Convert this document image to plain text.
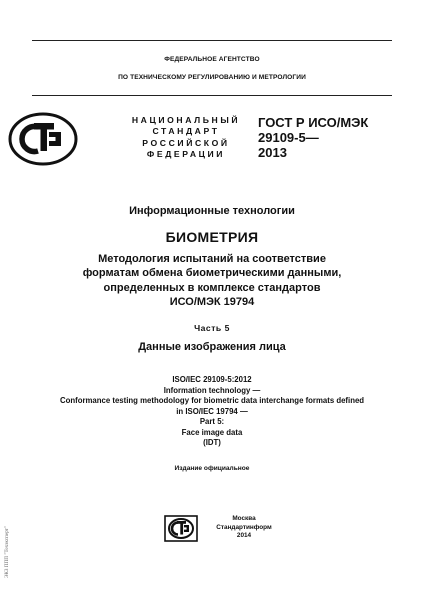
ФЕДЕРАЛЬНОЕ АГЕНТСТВО
ПО ТЕХНИЧЕСКОМУ РЕГУЛИРОВАНИЮ И МЕТРОЛОГИИ
НАЦИОНАЛЬНЫЙ
СТАНДАРТ
РОССИЙСКОЙ
ФЕДЕРАЦИИ
ГОСТ Р ИСО/МЭК
29109-5—
2013
Информационные технологии
БИОМЕТРИЯ
Методология испытаний на соответствие
форматам обмена биометрическими данными,
определенных в комплексе стандартов
ИСО/МЭК 19794
Часть 5
Данные изображения лица
ISO/IEC 29109-5:2012
Information technology —
Conformance testing methodology for biometric data interchange formats defined
in ISO/IEC 19794 —
Part 5:
Face image data
(IDT)
Издание официальное
Москва
Стандартинформ
2014
ЭКЗ ППП "Техэксперт"
